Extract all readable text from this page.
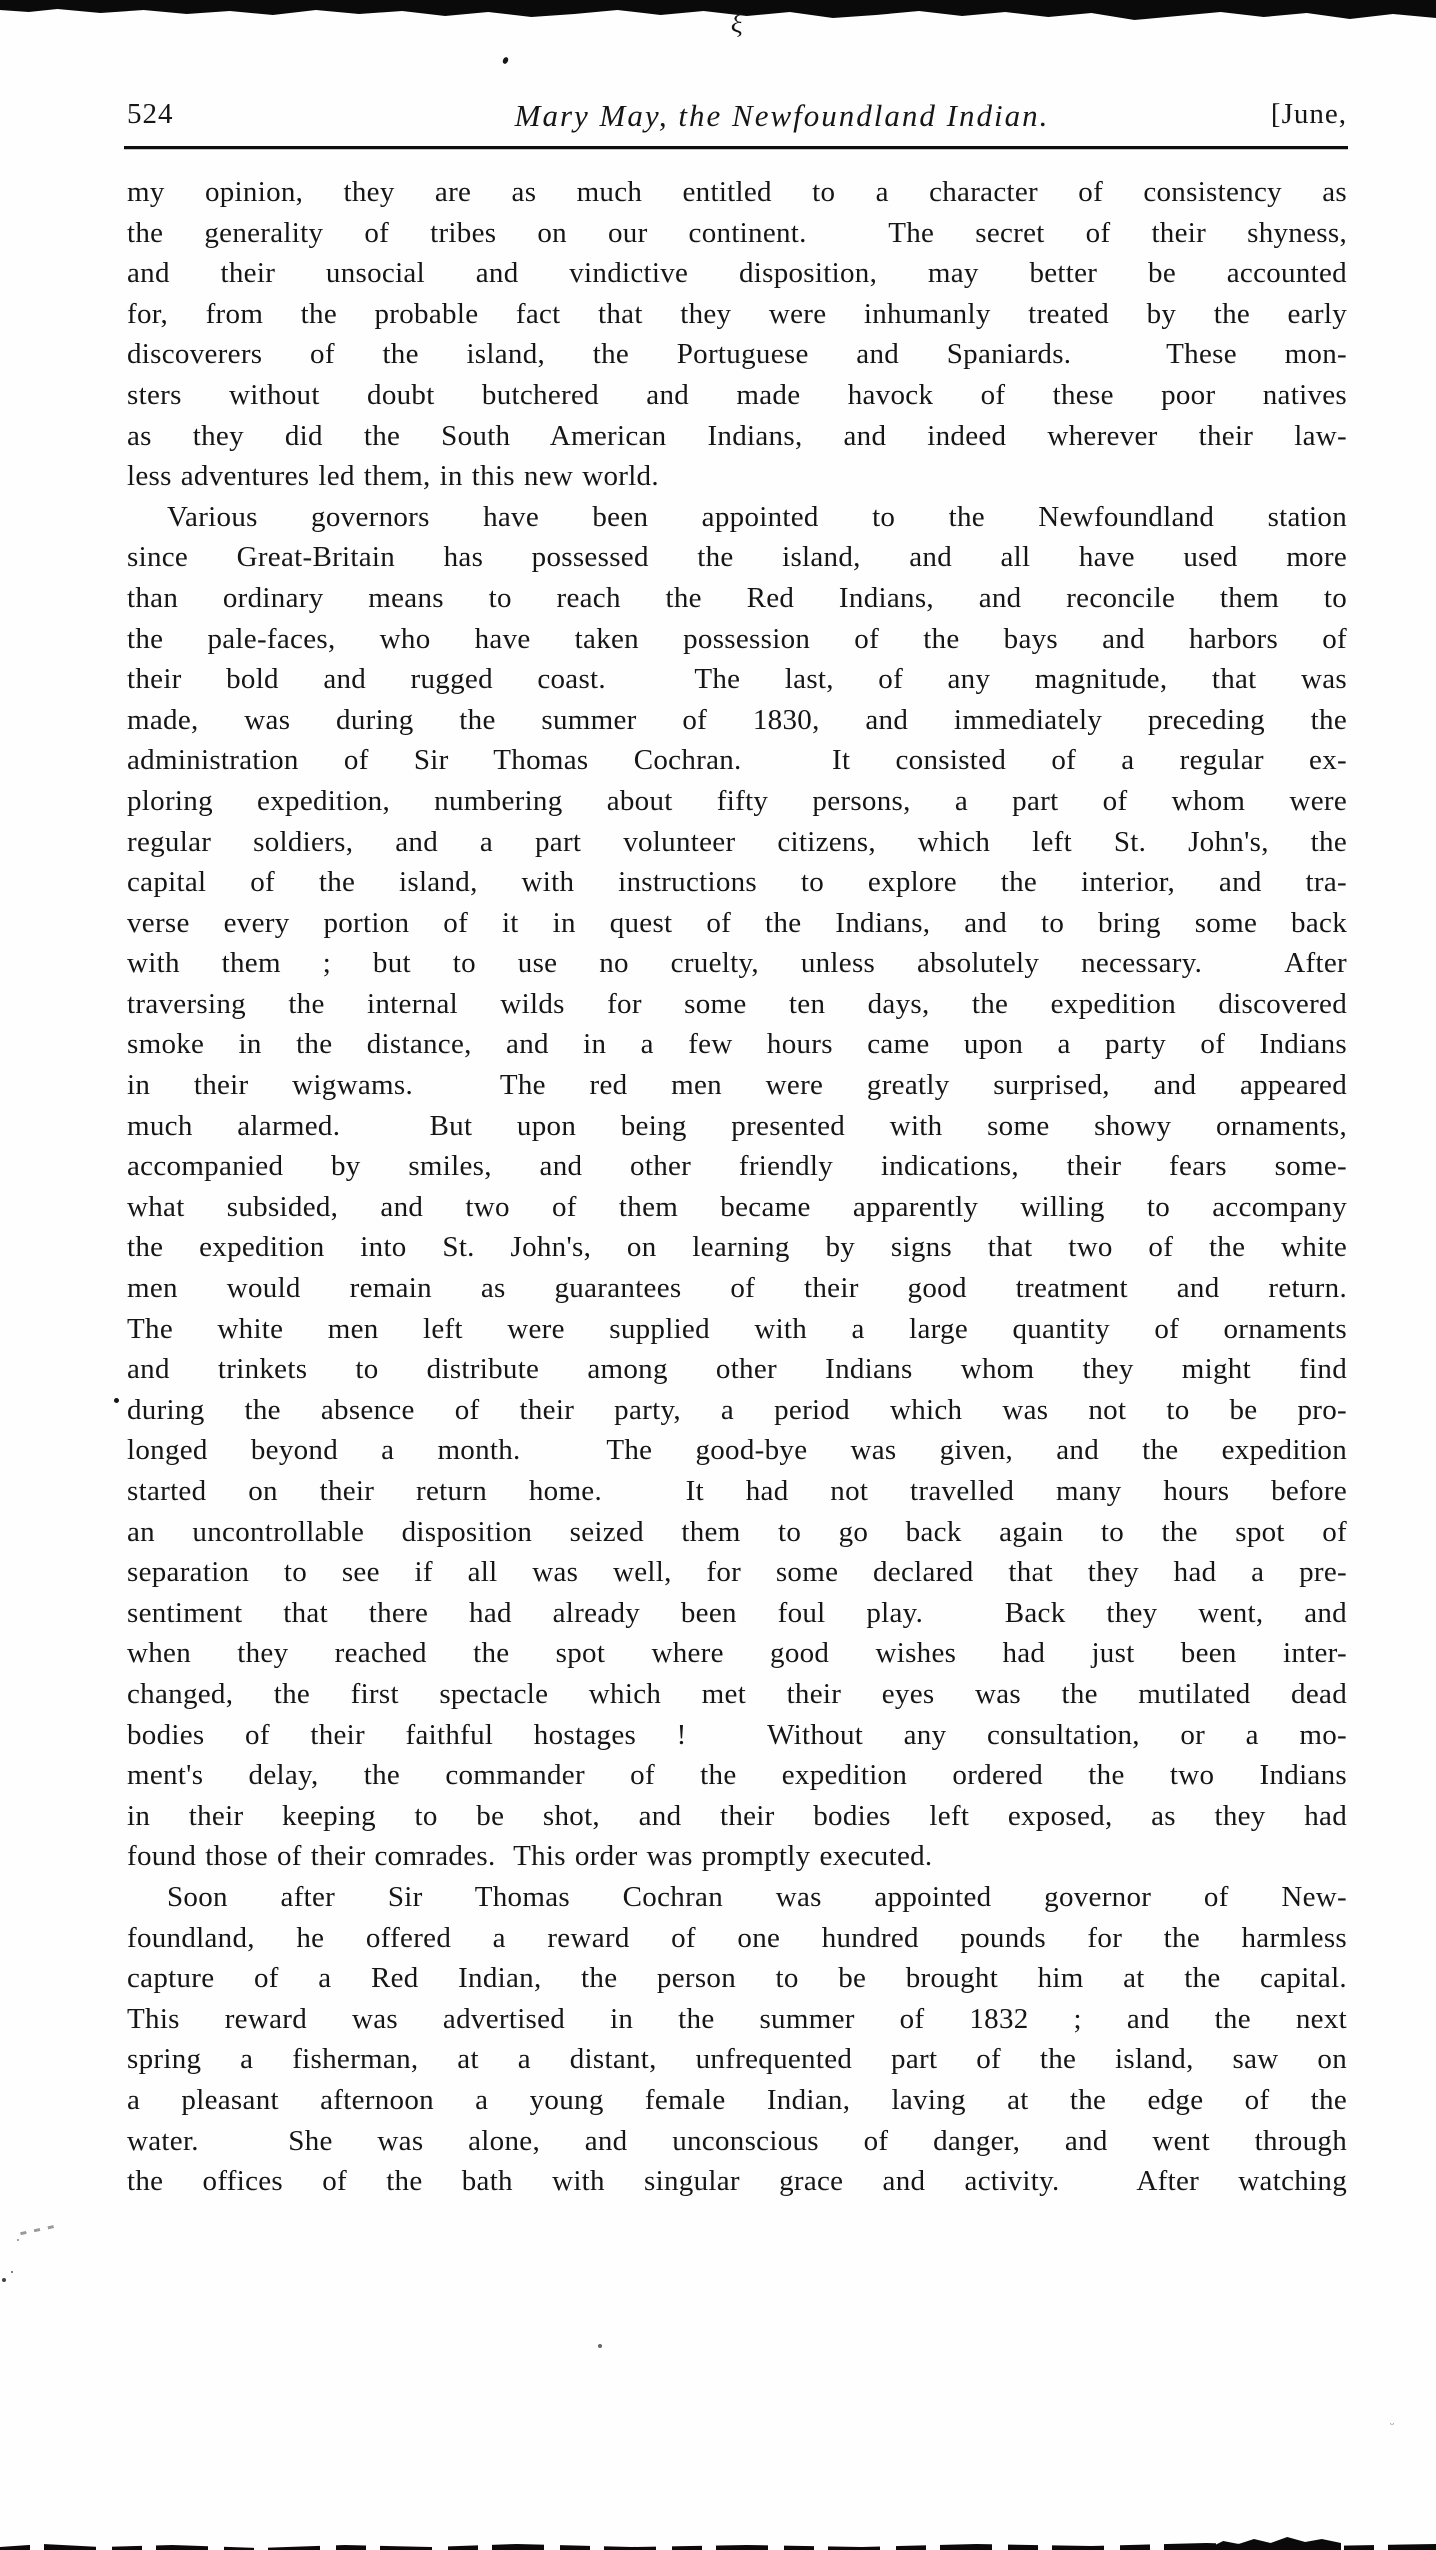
524	Mary May, the Newfoundland Indian.	[June,
my opinion, they are as much entitled to a character of consistency as
the generality of tribes on our continent.  The secret of their shyness,
and their unsocial and vindictive disposition, may better be accounted
for, from the probable fact that they were inhumanly treated by the early
discoverers of the island, the Portuguese and Spaniards.  These mon-
sters without doubt butchered and made havock of these poor natives
as they did the South American Indians, and indeed wherever their law-
less adventures led them, in this new world.
Various governors have been appointed to the Newfoundland station
since Great-Britain has possessed the island, and all have used more
than ordinary means to reach the Red Indians, and reconcile them to
the pale-faces, who have taken possession of the bays and harbors of
their bold and rugged coast.  The last, of any magnitude, that was
made, was during the summer of 1830, and immediately preceding the
administration of Sir Thomas Cochran.  It consisted of a regular ex-
ploring expedition, numbering about fifty persons, a part of whom were
regular soldiers, and a part volunteer citizens, which left St. John's, the
capital of the island, with instructions to explore the interior, and tra-
verse every portion of it in quest of the Indians, and to bring some back
with them ; but to use no cruelty, unless absolutely necessary.  After
traversing the internal wilds for some ten days, the expedition discovered
smoke in the distance, and in a few hours came upon a party of Indians
in their wigwams.  The red men were greatly surprised, and appeared
much alarmed.  But upon being presented with some showy ornaments,
accompanied by smiles, and other friendly indications, their fears some-
what subsided, and two of them became apparently willing to accompany
the expedition into St. John's, on learning by signs that two of the white
men would remain as guarantees of their good treatment and return.
The white men left were supplied with a large quantity of ornaments
and trinkets to distribute among other Indians whom they might find
during the absence of their party, a period which was not to be pro-
longed beyond a month.  The good-bye was given, and the expedition
started on their return home.  It had not travelled many hours before
an uncontrollable disposition seized them to go back again to the spot of
separation to see if all was well, for some declared that they had a pre-
sentiment that there had already been foul play.  Back they went, and
when they reached the spot where good wishes had just been inter-
changed, the first spectacle which met their eyes was the mutilated dead
bodies of their faithful hostages !  Without any consultation, or a mo-
ment's delay, the commander of the expedition ordered the two Indians
in their keeping to be shot, and their bodies left exposed, as they had
found those of their comrades.  This order was promptly executed.
Soon after Sir Thomas Cochran was appointed governor of New-
foundland, he offered a reward of one hundred pounds for the harmless
capture of a Red Indian, the person to be brought him at the capital.
This reward was advertised in the summer of 1832 ; and the next
spring a fisherman, at a distant, unfrequented part of the island, saw on
a pleasant afternoon a young female Indian, laving at the edge of the
water.  She was alone, and unconscious of danger, and went through
the offices of the bath with singular grace and activity.  After watching
ξ
ᵕ
